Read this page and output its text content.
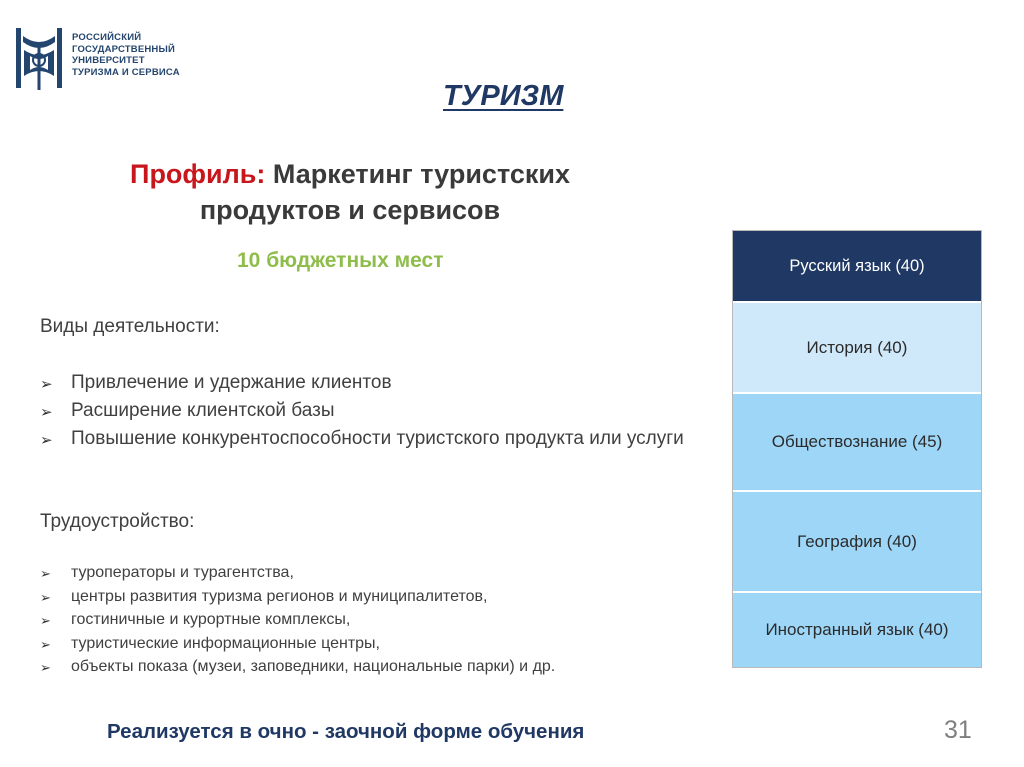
РОССИЙСКИЙ
ГОСУДАРСТВЕННЫЙ
УНИВЕРСИТЕТ
ТУРИЗМА И СЕРВИСА
ТУРИЗМ
Профиль: Маркетинг туристских
продуктов и сервисов
10 бюджетных мест
Виды деятельности:
➢ Привлечение и удержание клиентов
➢ Расширение клиентской базы
➢ Повышение конкурентоспособности туристского продукта или услуги
Трудоустройство:
➢ туроператоры и турагентства,
➢ центры развития туризма регионов и муниципалитетов,
➢ гостиничные и курортные комплексы,
➢ туристические информационные центры,
➢ объекты показа (музеи, заповедники, национальные парки) и др.
Русский язык (40)
История (40)
Обществознание (45)
География (40)
Иностранный язык (40)
Реализуется в очно - заочной форме обучения	31
